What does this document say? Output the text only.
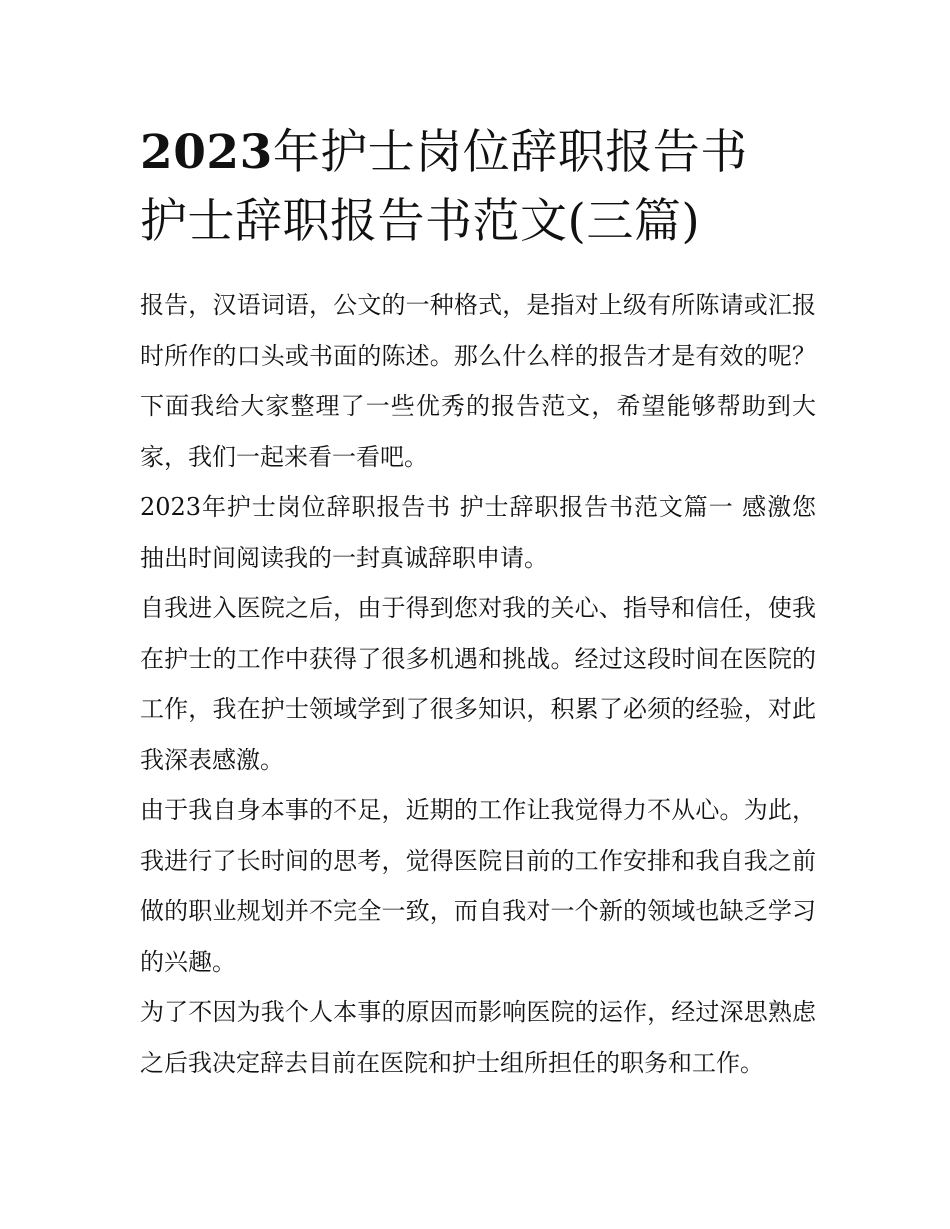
2023年护士岗位辞职报告书
护士辞职报告书范文(三篇)

报告，汉语词语，公文的一种格式，是指对上级有所陈请或汇报时所作的口头或书面的陈述。那么什么样的报告才是有效的呢？下面我给大家整理了一些优秀的报告范文，希望能够帮助到大家，我们一起来看一看吧。

2023年护士岗位辞职报告书 护士辞职报告书范文篇一 感激您抽出时间阅读我的一封真诚辞职申请。

自我进入医院之后，由于得到您对我的关心、指导和信任，使我在护士的工作中获得了很多机遇和挑战。经过这段时间在医院的工作，我在护士领域学到了很多知识，积累了必须的经验，对此我深表感激。

由于我自身本事的不足，近期的工作让我觉得力不从心。为此，我进行了长时间的思考，觉得医院目前的工作安排和我自我之前做的职业规划并不完全一致，而自我对一个新的领域也缺乏学习的兴趣。

为了不因为我个人本事的原因而影响医院的运作，经过深思熟虑之后我决定辞去目前在医院和护士组所担任的职务和工作。
